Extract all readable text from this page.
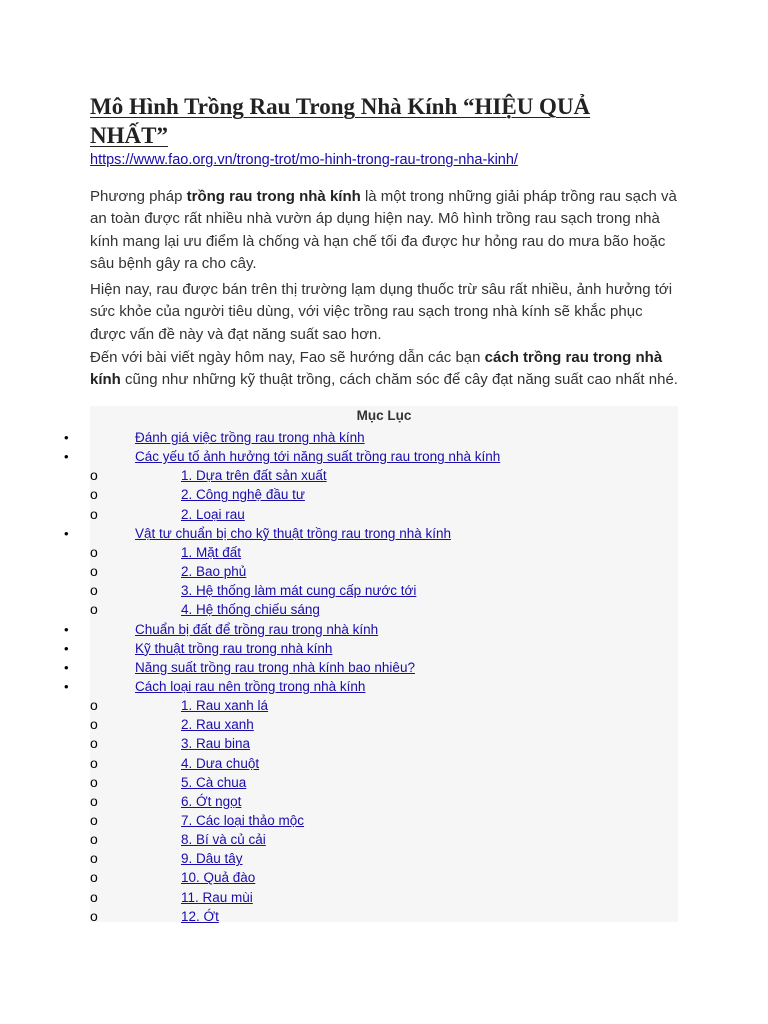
Mô Hình Trồng Rau Trong Nhà Kính “HIỆU QUẢ NHẤT”
https://www.fao.org.vn/trong-trot/mo-hinh-trong-rau-trong-nha-kinh/

Phương pháp trồng rau trong nhà kính là một trong những giải pháp trồng rau sạch và an toàn được rất nhiều nhà vườn áp dụng hiện nay. Mô hình trồng rau sạch trong nhà kính mang lại ưu điểm là chống và hạn chế tối đa được hư hỏng rau do mưa bão hoặc sâu bệnh gây ra cho cây.

Hiện nay, rau được bán trên thị trường lạm dụng thuốc trừ sâu rất nhiều, ảnh hưởng tới sức khỏe của người tiêu dùng, với việc trồng rau sạch trong nhà kính sẽ khắc phục được vấn đề này và đạt năng suất sao hơn.

Đến với bài viết ngày hôm nay, Fao sẽ hướng dẫn các bạn cách trồng rau trong nhà kính cũng như những kỹ thuật trồng, cách chăm sóc để cây đạt năng suất cao nhất nhé.

Mục Lục
Đánh giá việc trồng rau trong nhà kính
Các yếu tố ảnh hưởng tới năng suất trồng rau trong nhà kính
1. Dựa trên đất sản xuất
2. Công nghệ đầu tư
2. Loại rau
Vật tư chuẩn bị cho kỹ thuật trồng rau trong nhà kính
1. Mặt đất
2. Bao phủ
3. Hệ thống làm mát cung cấp nước tới
4. Hệ thống chiếu sáng
Chuẩn bị đất để trồng rau trong nhà kính
Kỹ thuật trồng rau trong nhà kính
Năng suất trồng rau trong nhà kính bao nhiêu?
Cách loại rau nên trồng trong nhà kính
1. Rau xanh lá
2. Rau xanh
3. Rau bina
4. Dưa chuột
5. Cà chua
6. Ớt ngọt
7. Các loại thảo mộc
8. Bí và củ cải
9. Dâu tây
10. Quả đào
11. Rau mùi
12. Ớt
•
•
o
o
o
•
o
o
o
o
•
•
•
•
o
o
o
o
o
o
o
o
o
o
o
o
